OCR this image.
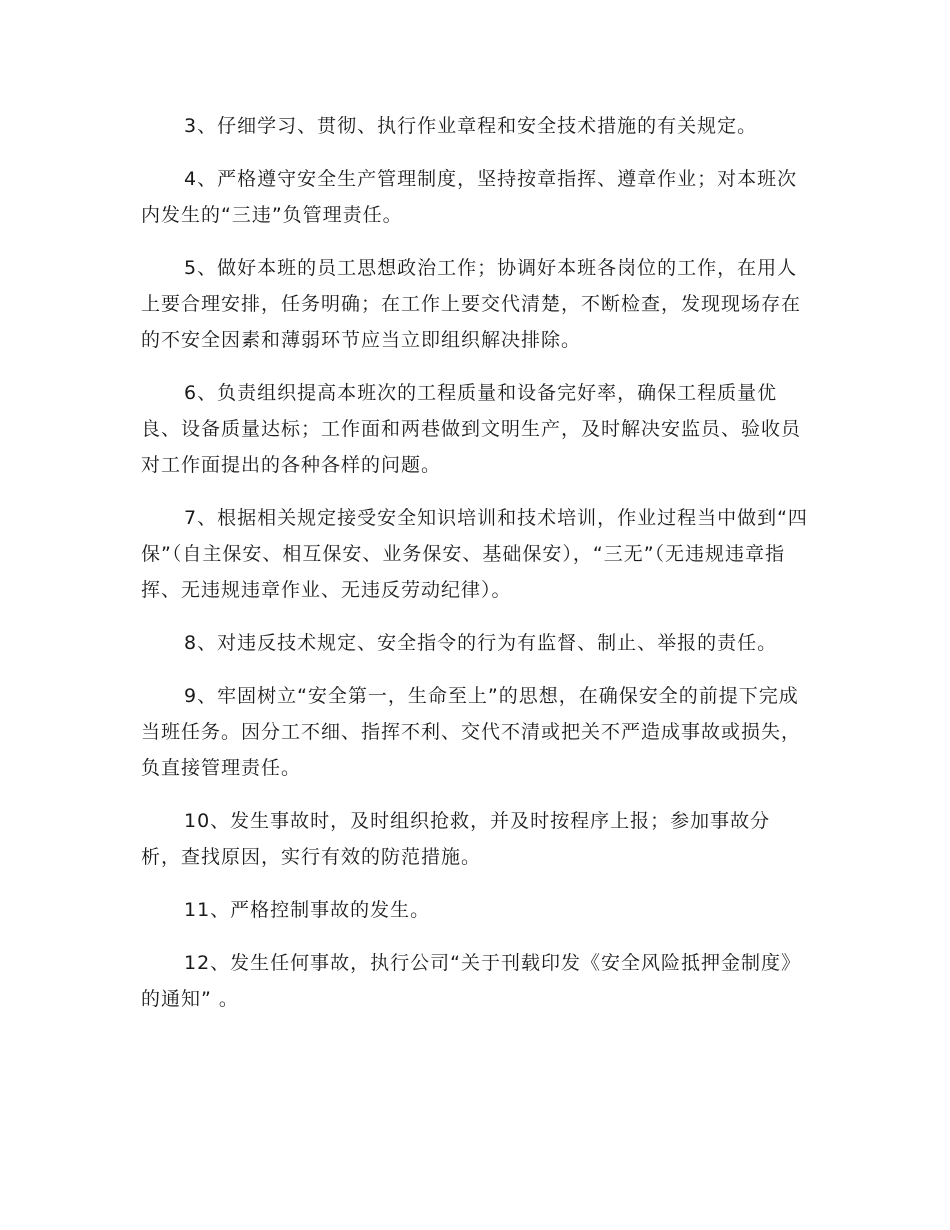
3、仔细学习、贯彻、执行作业章程和安全技术措施的有关规定。

4、严格遵守安全生产管理制度，坚持按章指挥、遵章作业；对本班次内发生的“三违”负管理责任。

5、做好本班的员工思想政治工作；协调好本班各岗位的工作，在用人上要合理安排，任务明确；在工作上要交代清楚，不断检查，发现现场存在的不安全因素和薄弱环节应当立即组织解决排除。

6、负责组织提高本班次的工程质量和设备完好率，确保工程质量优良、设备质量达标；工作面和两巷做到文明生产，及时解决安监员、验收员对工作面提出的各种各样的问题。

7、根据相关规定接受安全知识培训和技术培训，作业过程当中做到“四保”（自主保安、相互保安、业务保安、基础保安），“三无”（无违规违章指挥、无违规违章作业、无违反劳动纪律）。

8、对违反技术规定、安全指令的行为有监督、制止、举报的责任。

9、牢固树立“安全第一，生命至上”的思想，在确保安全的前提下完成当班任务。因分工不细、指挥不利、交代不清或把关不严造成事故或损失，负直接管理责任。

10、发生事故时，及时组织抢救，并及时按程序上报；参加事故分析，查找原因，实行有效的防范措施。

11、严格控制事故的发生。

12、发生任何事故，执行公司“关于刊载印发《安全风险抵押金制度》的通知” 。
